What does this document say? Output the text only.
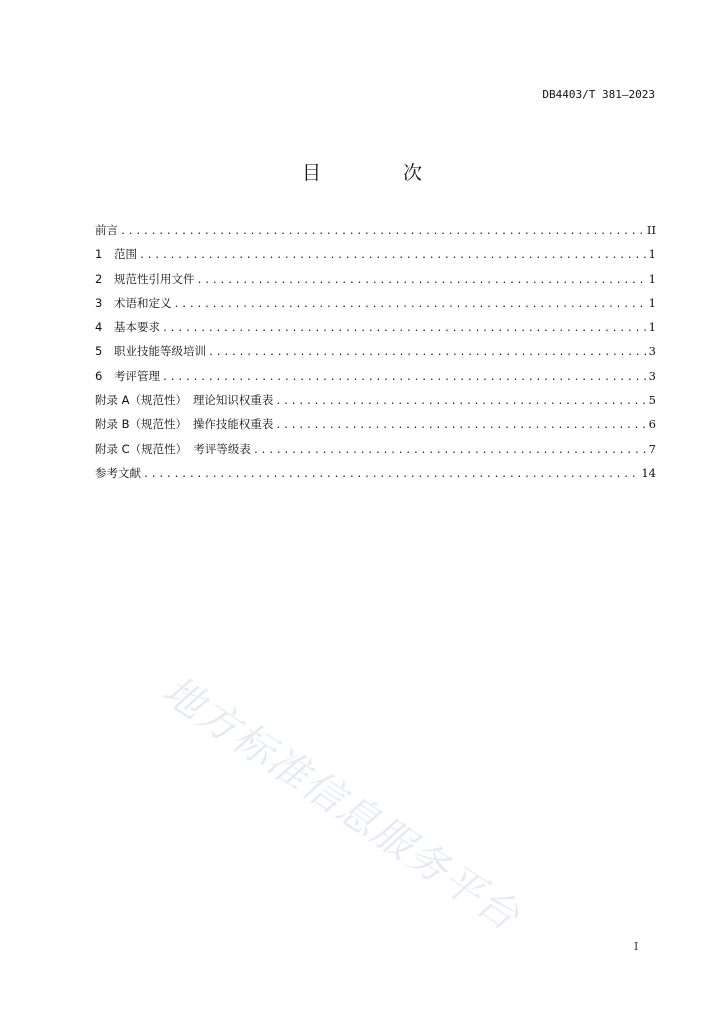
DB4403/T 381—2023
目 次
前言 .....	II
1	范围 .....	1
2	规范性引用文件 .....	1
3	术语和定义 .....	1
4	基本要求 .....	1
5	职业技能等级培训 .....	3
6	考评管理 .....	3
附录 A（规范性） 理论知识权重表 .....	5
附录 B（规范性） 操作技能权重表 .....	6
附录 C（规范性） 考评等级表 .....	7
参考文献 .....	14
地方标准信息服务平台
I
